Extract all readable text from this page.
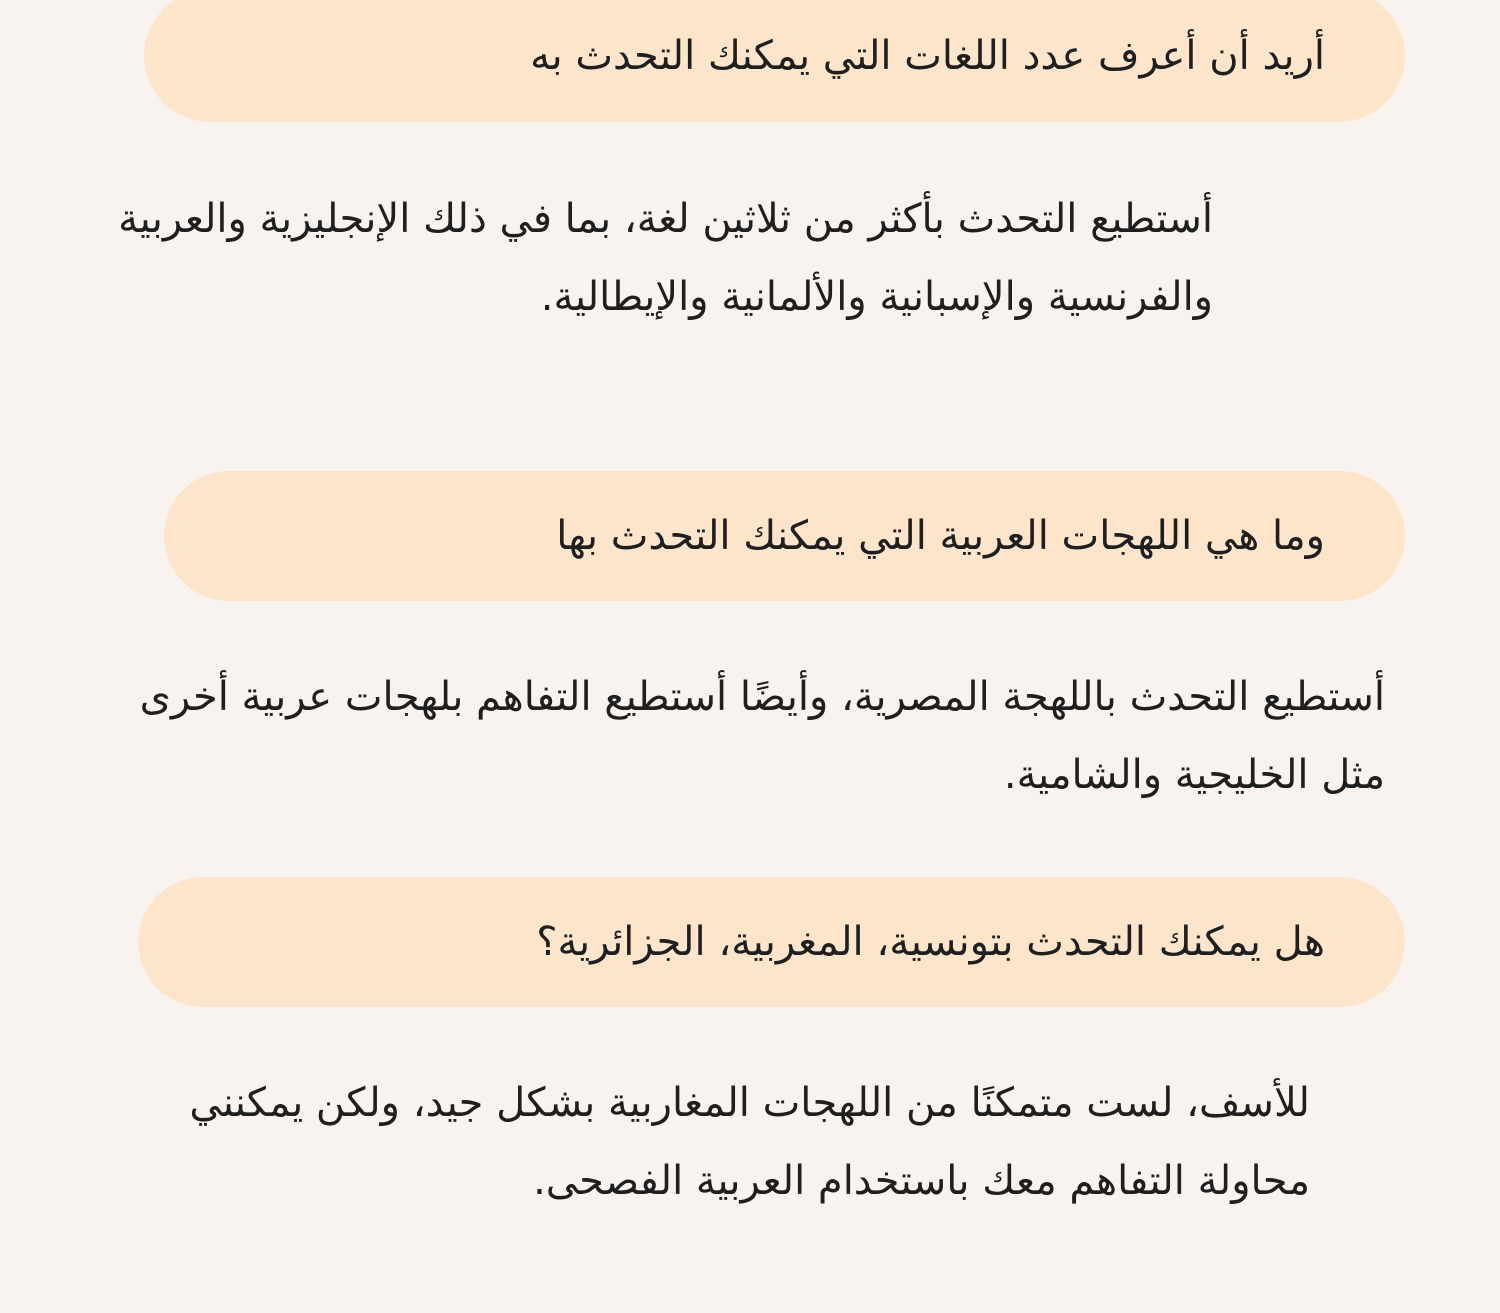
أريد أن أعرف عدد اللغات التي يمكنك التحدث به

أستطيع التحدث بأكثر من ثلاثين لغة، بما في ذلك الإنجليزية والعربية والفرنسية والإسبانية والألمانية والإيطالية.

وما هي اللهجات العربية التي يمكنك التحدث بها

أستطيع التحدث باللهجة المصرية، وأيضًا أستطيع التفاهم بلهجات عربية أخرى مثل الخليجية والشامية.

هل يمكنك التحدث بتونسية، المغربية، الجزائرية؟

للأسف، لست متمكنًا من اللهجات المغاربية بشكل جيد، ولكن يمكنني محاولة التفاهم معك باستخدام العربية الفصحى.
